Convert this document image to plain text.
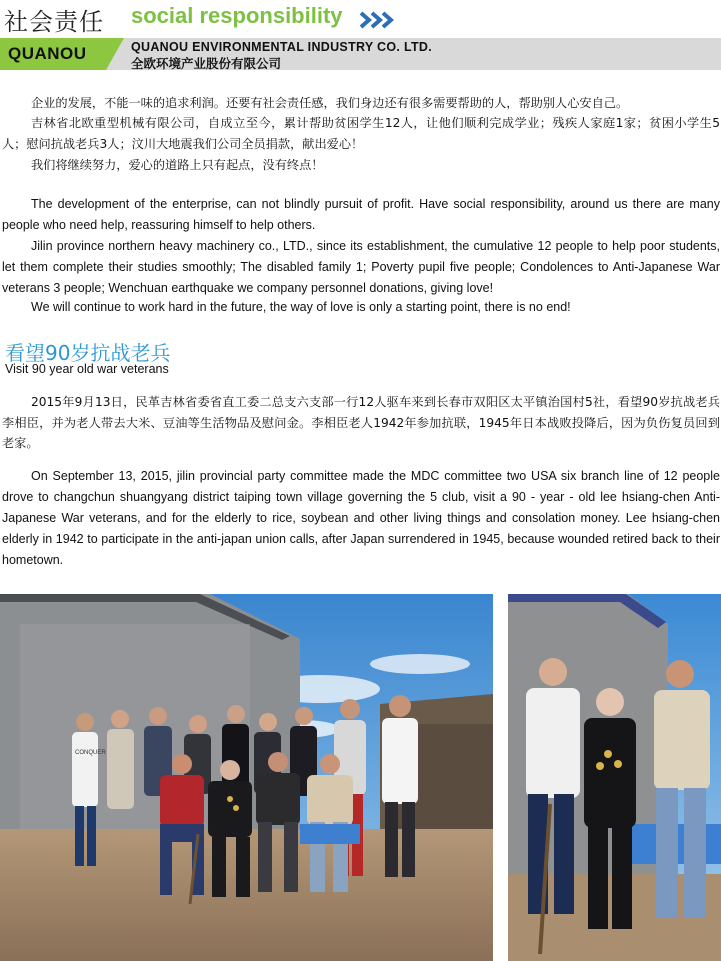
社会责任 social responsibility
QUANOU	QUANOU ENVIRONMENTAL INDUSTRY CO. LTD.
全欧环境产业股份有限公司

企业的发展，不能一味的追求利润。还要有社会责任感，我们身边还有很多需要帮助的人，帮助别人心安自己。

吉林省北欧重型机械有限公司，自成立至今，累计帮助贫困学生12人，让他们顺利完成学业；残疾人家庭1家；贫困小学生5人；慰问抗战老兵3人；汶川大地震我们公司全员捐款，献出爱心！

我们将继续努力，爱心的道路上只有起点，没有终点！

The development of the enterprise, can not blindly pursuit of profit. Have social responsibility, around us there are many people who need help, reassuring himself to help others.

Jilin province northern heavy machinery co., LTD., since its establishment, the cumulative 12 people to help poor students, let them complete their studies smoothly; The disabled family 1; Poverty pupil five people; Condolences to Anti-Japanese War veterans 3 people; Wenchuan earthquake we company personnel donations, giving love!

We will continue to work hard in the future, the way of love is only a starting point, there is no end!

看望90岁抗战老兵
Visit 90 year old war veterans

2015年9月13日，民革吉林省委省直工委二总支六支部一行12人驱车来到长春市双阳区太平镇治国村5社，看望90岁抗战老兵李相臣，并为老人带去大米、豆油等生活物品及慰问金。李相臣老人1942年参加抗联，1945年日本战败投降后，因为负伤复员回到老家。

On September 13, 2015, jilin provincial party committee made the MDC committee two USA six branch line of 12 people drove to changchun shuangyang district taiping town village governing the 5 club, visit a 90 - year - old lee hsiang-chen Anti-Japanese War veterans, and for the elderly to rice, soybean and other living things and consolation money. Lee hsiang-chen elderly in 1942 to participate in the anti-japan union calls, after Japan surrendered in 1945, because wounded retired back to their hometown.

CONQUER
